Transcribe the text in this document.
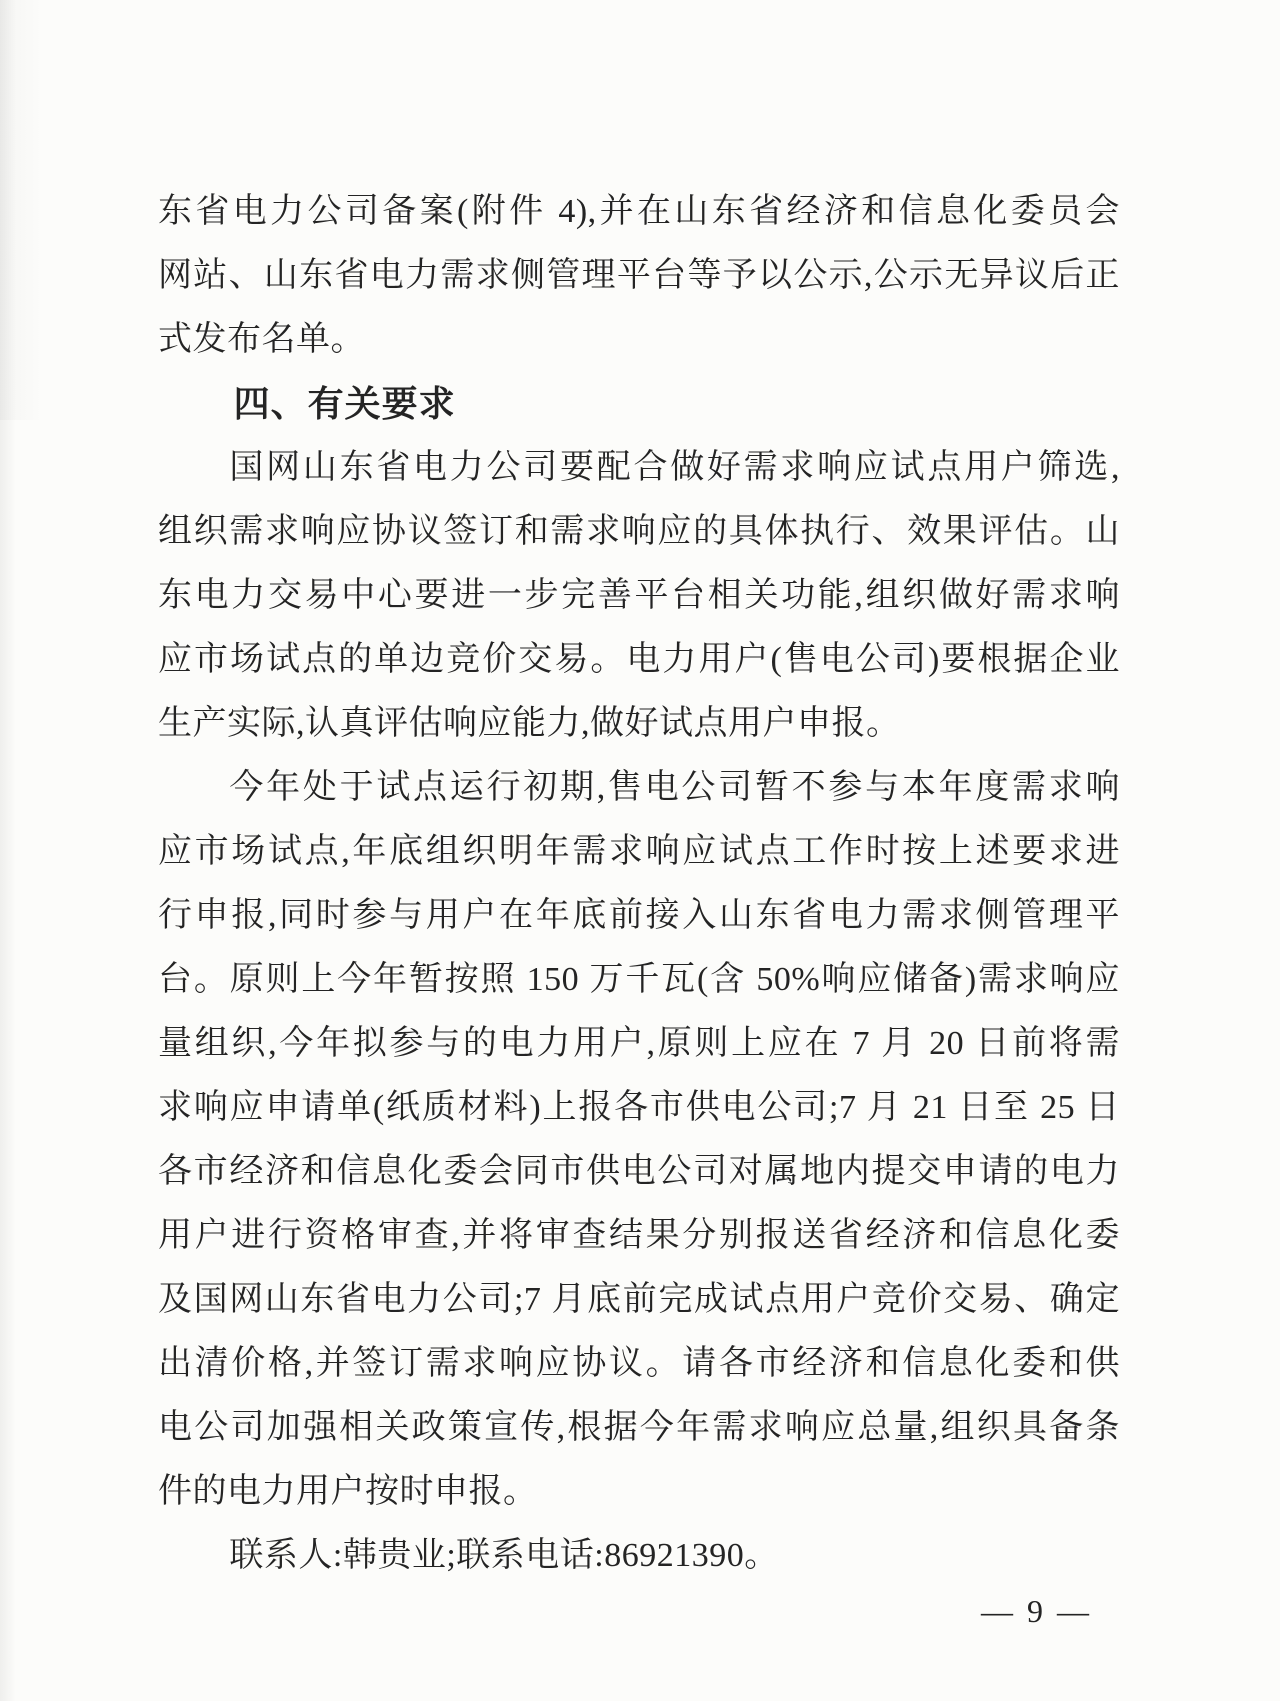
东省电力公司备案(附件 4),并在山东省经济和信息化委员会
网站、山东省电力需求侧管理平台等予以公示,公示无异议后正
式发布名单。
四、有关要求
国网山东省电力公司要配合做好需求响应试点用户筛选,
组织需求响应协议签订和需求响应的具体执行、效果评估。山
东电力交易中心要进一步完善平台相关功能,组织做好需求响
应市场试点的单边竞价交易。电力用户(售电公司)要根据企业
生产实际,认真评估响应能力,做好试点用户申报。
今年处于试点运行初期,售电公司暂不参与本年度需求响
应市场试点,年底组织明年需求响应试点工作时按上述要求进
行申报,同时参与用户在年底前接入山东省电力需求侧管理平
台。原则上今年暂按照 150 万千瓦(含 50%响应储备)需求响应
量组织,今年拟参与的电力用户,原则上应在 7 月 20 日前将需
求响应申请单(纸质材料)上报各市供电公司;7 月 21 日至 25 日
各市经济和信息化委会同市供电公司对属地内提交申请的电力
用户进行资格审查,并将审查结果分别报送省经济和信息化委
及国网山东省电力公司;7 月底前完成试点用户竞价交易、确定
出清价格,并签订需求响应协议。请各市经济和信息化委和供
电公司加强相关政策宣传,根据今年需求响应总量,组织具备条
件的电力用户按时申报。
联系人:韩贵业;联系电话:86921390。
— 9 —
